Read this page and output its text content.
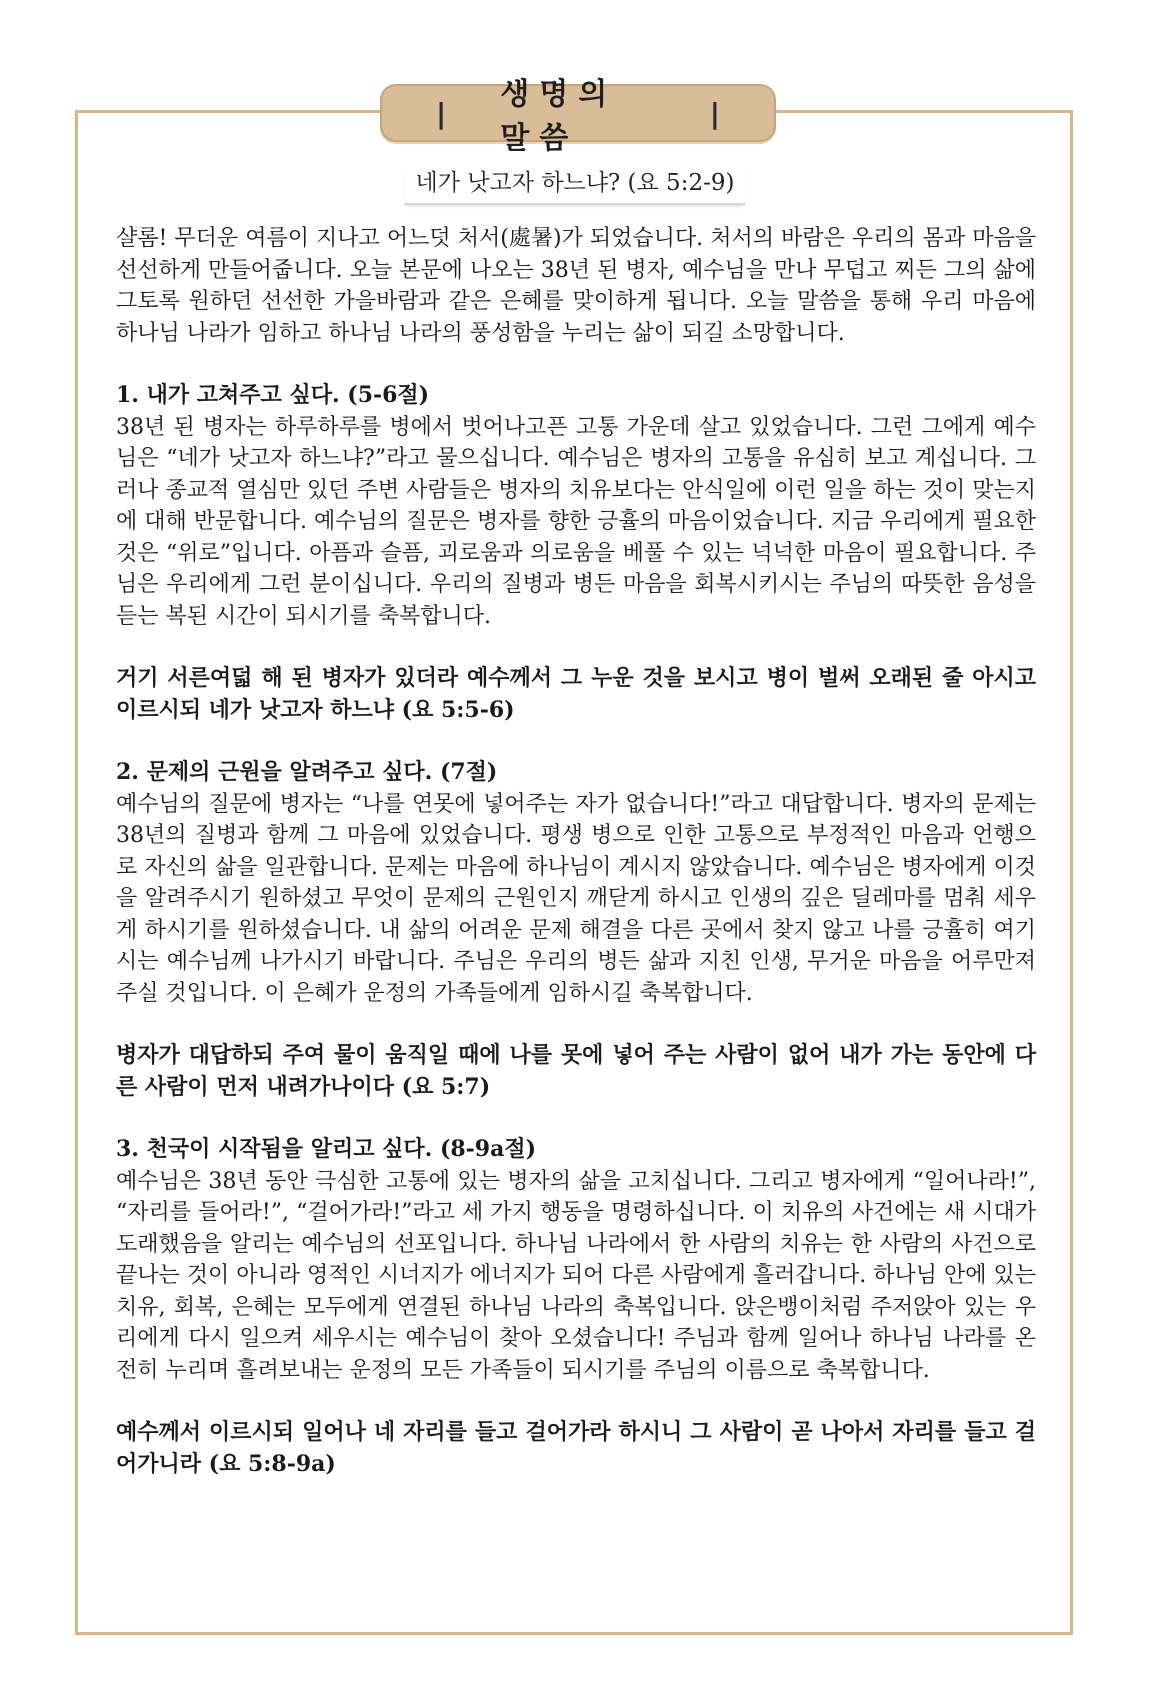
|
생명의 말씀
|
네가 낫고자 하느냐? (요 5:2-9)

샬롬! 무더운 여름이 지나고 어느덧 처서(處暑)가 되었습니다. 처서의 바람은 우리의 몸과 마음을 선선하게 만들어줍니다. 오늘 본문에 나오는 38년 된 병자, 예수님을 만나 무덥고 찌든 그의 삶에 그토록 원하던 선선한 가을바람과 같은 은혜를 맞이하게 됩니다. 오늘 말씀을 통해 우리 마음에 하나님 나라가 임하고 하나님 나라의 풍성함을 누리는 삶이 되길 소망합니다.

1. 내가 고쳐주고 싶다. (5-6절)

38년 된 병자는 하루하루를 병에서 벗어나고픈 고통 가운데 살고 있었습니다. 그런 그에게 예수님은 “네가 낫고자 하느냐?”라고 물으십니다. 예수님은 병자의 고통을 유심히 보고 계십니다. 그러나 종교적 열심만 있던 주변 사람들은 병자의 치유보다는 안식일에 이런 일을 하는 것이 맞는지에 대해 반문합니다. 예수님의 질문은 병자를 향한 긍휼의 마음이었습니다. 지금 우리에게 필요한 것은 “위로”입니다. 아픔과 슬픔, 괴로움과 의로움을 베풀 수 있는 넉넉한 마음이 필요합니다. 주님은 우리에게 그런 분이십니다. 우리의 질병과 병든 마음을 회복시키시는 주님의 따뜻한 음성을 듣는 복된 시간이 되시기를 축복합니다.

거기 서른여덟 해 된 병자가 있더라 예수께서 그 누운 것을 보시고 병이 벌써 오래된 줄 아시고 이르시되 네가 낫고자 하느냐 (요 5:5-6)

2. 문제의 근원을 알려주고 싶다. (7절)

예수님의 질문에 병자는 “나를 연못에 넣어주는 자가 없습니다!”라고 대답합니다. 병자의 문제는 38년의 질병과 함께 그 마음에 있었습니다. 평생 병으로 인한 고통으로 부정적인 마음과 언행으로 자신의 삶을 일관합니다. 문제는 마음에 하나님이 계시지 않았습니다. 예수님은 병자에게 이것을 알려주시기 원하셨고 무엇이 문제의 근원인지 깨닫게 하시고 인생의 깊은 딜레마를 멈춰 세우게 하시기를 원하셨습니다. 내 삶의 어려운 문제 해결을 다른 곳에서 찾지 않고 나를 긍휼히 여기시는 예수님께 나가시기 바랍니다. 주님은 우리의 병든 삶과 지친 인생, 무거운 마음을 어루만져 주실 것입니다. 이 은혜가 운정의 가족들에게 임하시길 축복합니다.

병자가 대답하되 주여 물이 움직일 때에 나를 못에 넣어 주는 사람이 없어 내가 가는 동안에 다른 사람이 먼저 내려가나이다 (요 5:7)

3. 천국이 시작됨을 알리고 싶다. (8-9a절)

예수님은 38년 동안 극심한 고통에 있는 병자의 삶을 고치십니다. 그리고 병자에게 “일어나라!”, “자리를 들어라!”, “걸어가라!”라고 세 가지 행동을 명령하십니다. 이 치유의 사건에는 새 시대가 도래했음을 알리는 예수님의 선포입니다. 하나님 나라에서 한 사람의 치유는 한 사람의 사건으로 끝나는 것이 아니라 영적인 시너지가 에너지가 되어 다른 사람에게 흘러갑니다. 하나님 안에 있는 치유, 회복, 은혜는 모두에게 연결된 하나님 나라의 축복입니다. 앉은뱅이처럼 주저앉아 있는 우리에게 다시 일으켜 세우시는 예수님이 찾아 오셨습니다! 주님과 함께 일어나 하나님 나라를 온전히 누리며 흘려보내는 운정의 모든 가족들이 되시기를 주님의 이름으로 축복합니다.

예수께서 이르시되 일어나 네 자리를 들고 걸어가라 하시니 그 사람이 곧 나아서 자리를 들고 걸어가니라 (요 5:8-9a)
